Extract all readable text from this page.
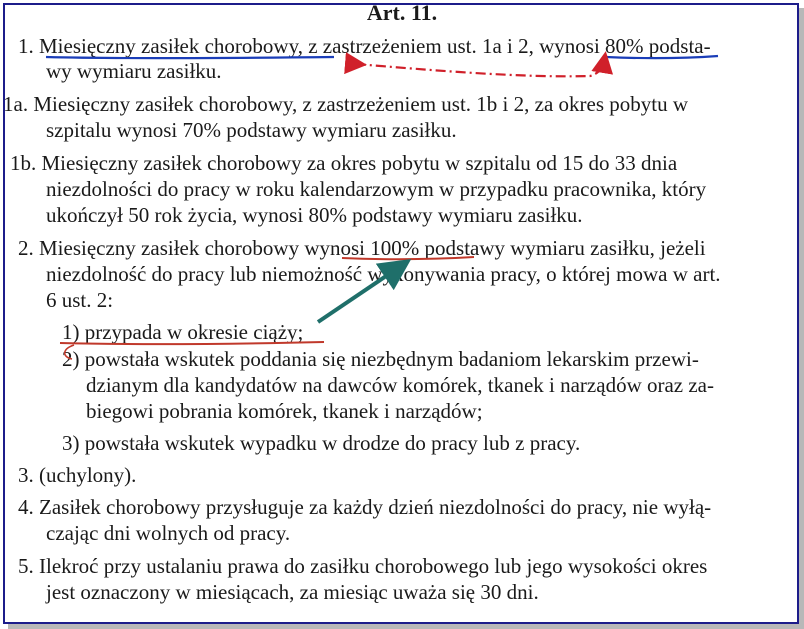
Art. 11.
1. Miesięczny zasiłek chorobowy, z zastrzeżeniem ust. 1a i 2, wynosi 80% podsta-
wy wymiaru zasiłku.
1a. Miesięczny zasiłek chorobowy, z zastrzeżeniem ust. 1b i 2, za okres pobytu w
szpitalu wynosi 70% podstawy wymiaru zasiłku.
1b. Miesięczny zasiłek chorobowy za okres pobytu w szpitalu od 15 do 33 dnia
niezdolności do pracy w roku kalendarzowym w przypadku pracownika, który
ukończył 50 rok życia, wynosi 80% podstawy wymiaru zasiłku.
2. Miesięczny zasiłek chorobowy wynosi 100% podstawy wymiaru zasiłku, jeżeli
niezdolność do pracy lub niemożność wykonywania pracy, o której mowa w art.
6 ust. 2:
1) przypada w okresie ciąży;
2) powstała wskutek poddania się niezbędnym badaniom lekarskim przewi-
dzianym dla kandydatów na dawców komórek, tkanek i narządów oraz za-
biegowi pobrania komórek, tkanek i narządów;
3) powstała wskutek wypadku w drodze do pracy lub z pracy.
3. (uchylony).
4. Zasiłek chorobowy przysługuje za każdy dzień niezdolności do pracy, nie wyłą-
czając dni wolnych od pracy.
5. Ilekroć przy ustalaniu prawa do zasiłku chorobowego lub jego wysokości okres
jest oznaczony w miesiącach, za miesiąc uważa się 30 dni.
